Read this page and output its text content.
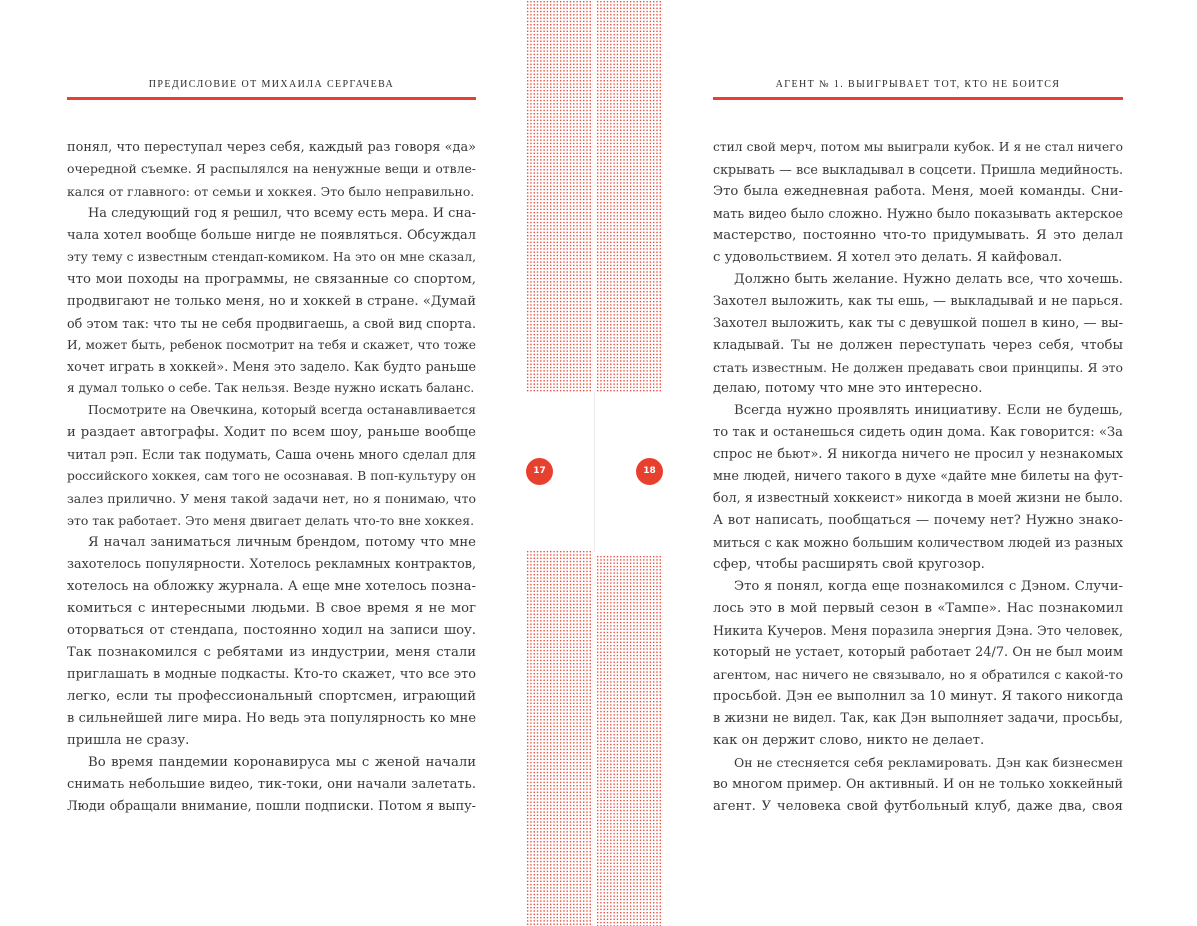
ПРЕДИСЛОВИЕ ОТ МИХАИЛА СЕРГАЧЕВА
понял, что переступал через себя, каждый раз говоря «да»
очередной съемке. Я распылялся на ненужные вещи и отвле-
кался от главного: от семьи и хоккея. Это было неправильно.
На следующий год я решил, что всему есть мера. И сна-
чала хотел вообще больше нигде не появляться. Обсуждал
эту тему с известным стендап-комиком. На это он мне сказал,
что мои походы на программы, не связанные со спортом,
продвигают не только меня, но и хоккей в стране. «Думай
об этом так: что ты не себя продвигаешь, а свой вид спорта.
И, может быть, ребенок посмотрит на тебя и скажет, что тоже
хочет играть в хоккей». Меня это задело. Как будто раньше
я думал только о себе. Так нельзя. Везде нужно искать баланс.
Посмотрите на Овечкина, который всегда останавливается
и раздает автографы. Ходит по всем шоу, раньше вообще
читал рэп. Если так подумать, Саша очень много сделал для
российского хоккея, сам того не осознавая. В поп-культуру он
залез прилично. У меня такой задачи нет, но я понимаю, что
это так работает. Это меня двигает делать что-то вне хоккея.
Я начал заниматься личным брендом, потому что мне
захотелось популярности. Хотелось рекламных контрактов,
хотелось на обложку журнала. А еще мне хотелось позна-
комиться с интересными людьми. В свое время я не мог
оторваться от стендапа, постоянно ходил на записи шоу.
Так познакомился с ребятами из индустрии, меня стали
приглашать в модные подкасты. Кто-то скажет, что все это
легко, если ты профессиональный спортсмен, играющий
в сильнейшей лиге мира. Но ведь эта популярность ко мне
пришла не сразу.
Во время пандемии коронавируса мы с женой начали
снимать небольшие видео, тик-токи, они начали залетать.
Люди обращали внимание, пошли подписки. Потом я выпу-
17	18
АГЕНТ № 1. ВЫИГРЫВАЕТ ТОТ, КТО НЕ БОИТСЯ
стил свой мерч, потом мы выиграли кубок. И я не стал ничего
скрывать — все выкладывал в соцсети. Пришла медийность.
Это была ежедневная работа. Меня, моей команды. Сни-
мать видео было сложно. Нужно было показывать актерское
мастерство, постоянно что-то придумывать. Я это делал
с удовольствием. Я хотел это делать. Я кайфовал.
Должно быть желание. Нужно делать все, что хочешь.
Захотел выложить, как ты ешь, — выкладывай и не парься.
Захотел выложить, как ты с девушкой пошел в кино, — вы-
кладывай. Ты не должен переступать через себя, чтобы
стать известным. Не должен предавать свои принципы. Я это
делаю, потому что мне это интересно.
Всегда нужно проявлять инициативу. Если не будешь,
то так и останешься сидеть один дома. Как говорится: «За
спрос не бьют». Я никогда ничего не просил у незнакомых
мне людей, ничего такого в духе «дайте мне билеты на фут-
бол, я известный хоккеист» никогда в моей жизни не было.
А вот написать, пообщаться — почему нет? Нужно знако-
миться с как можно большим количеством людей из разных
сфер, чтобы расширять свой кругозор.
Это я понял, когда еще познакомился с Дэном. Случи-
лось это в мой первый сезон в «Тампе». Нас познакомил
Никита Кучеров. Меня поразила энергия Дэна. Это человек,
который не устает, который работает 24/7. Он не был моим
агентом, нас ничего не связывало, но я обратился с какой-то
просьбой. Дэн ее выполнил за 10 минут. Я такого никогда
в жизни не видел. Так, как Дэн выполняет задачи, просьбы,
как он держит слово, никто не делает.
Он не стесняется себя рекламировать. Дэн как бизнесмен
во многом пример. Он активный. И он не только хоккейный
агент. У человека свой футбольный клуб, даже два, своя
